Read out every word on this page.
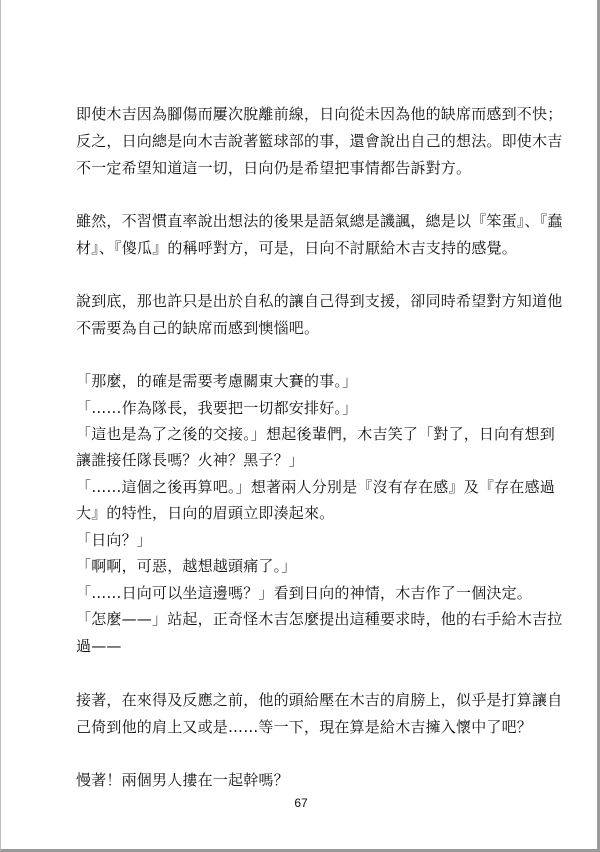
即使木吉因為腳傷而屢次脫離前線，日向從未因為他的缺席而感到不快；

反之，日向總是向木吉說著籃球部的事，還會說出自己的想法。即使木吉

不一定希望知道這一切，日向仍是希望把事情都告訴對方。

雖然，不習慣直率說出想法的後果是語氣總是譏諷，總是以『笨蛋』、『蠢

材』、『傻瓜』的稱呼對方，可是，日向不討厭給木吉支持的感覺。

說到底，那也許只是出於自私的讓自己得到支援，卻同時希望對方知道他

不需要為自己的缺席而感到懊惱吧。

「那麼，的確是需要考慮關東大賽的事。」

「……作為隊長，我要把一切都安排好。」

「這也是為了之後的交接。」想起後輩們，木吉笑了「對了，日向有想到

讓誰接任隊長嗎？火神？黑子？」

「……這個之後再算吧。」想著兩人分別是『沒有存在感』及『存在感過

大』的特性，日向的眉頭立即湊起來。

「日向？」

「啊啊，可惡，越想越頭痛了。」

「……日向可以坐這邊嗎？」看到日向的神情，木吉作了一個決定。

「怎麼——」站起，正奇怪木吉怎麼提出這種要求時，他的右手給木吉拉

過——

接著，在來得及反應之前，他的頭給壓在木吉的肩膀上，似乎是打算讓自

己倚到他的肩上又或是……等一下，現在算是給木吉擁入懷中了吧？

慢著！兩個男人摟在一起幹嗎？

67
